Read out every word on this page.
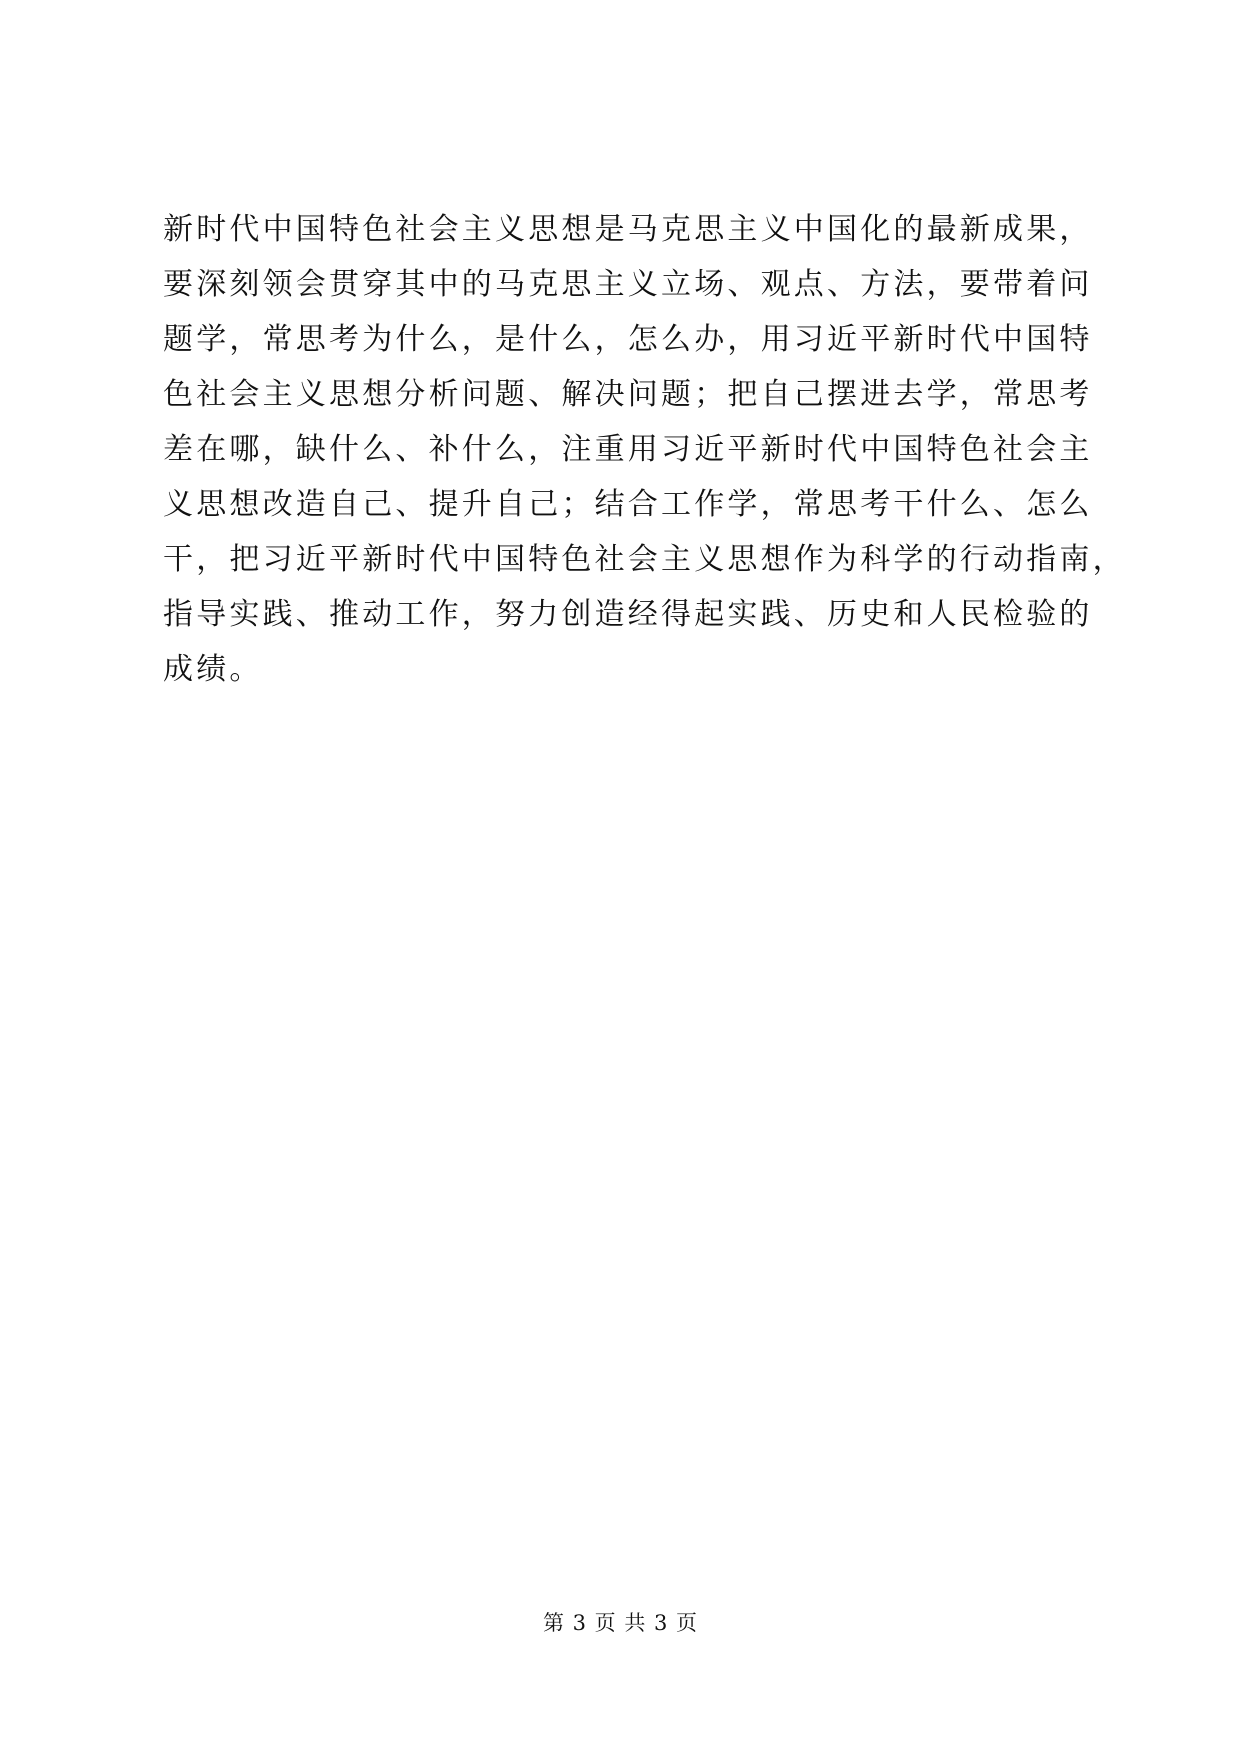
新时代中国特色社会主义思想是马克思主义中国化的最新成果，
要深刻领会贯穿其中的马克思主义立场、观点、方法，要带着问
题学，常思考为什么，是什么，怎么办，用习近平新时代中国特
色社会主义思想分析问题、解决问题；把自己摆进去学，常思考
差在哪，缺什么、补什么，注重用习近平新时代中国特色社会主
义思想改造自己、提升自己；结合工作学，常思考干什么、怎么
干，把习近平新时代中国特色社会主义思想作为科学的行动指南，
指导实践、推动工作，努力创造经得起实践、历史和人民检验的
成绩。
第 3 页 共 3 页
